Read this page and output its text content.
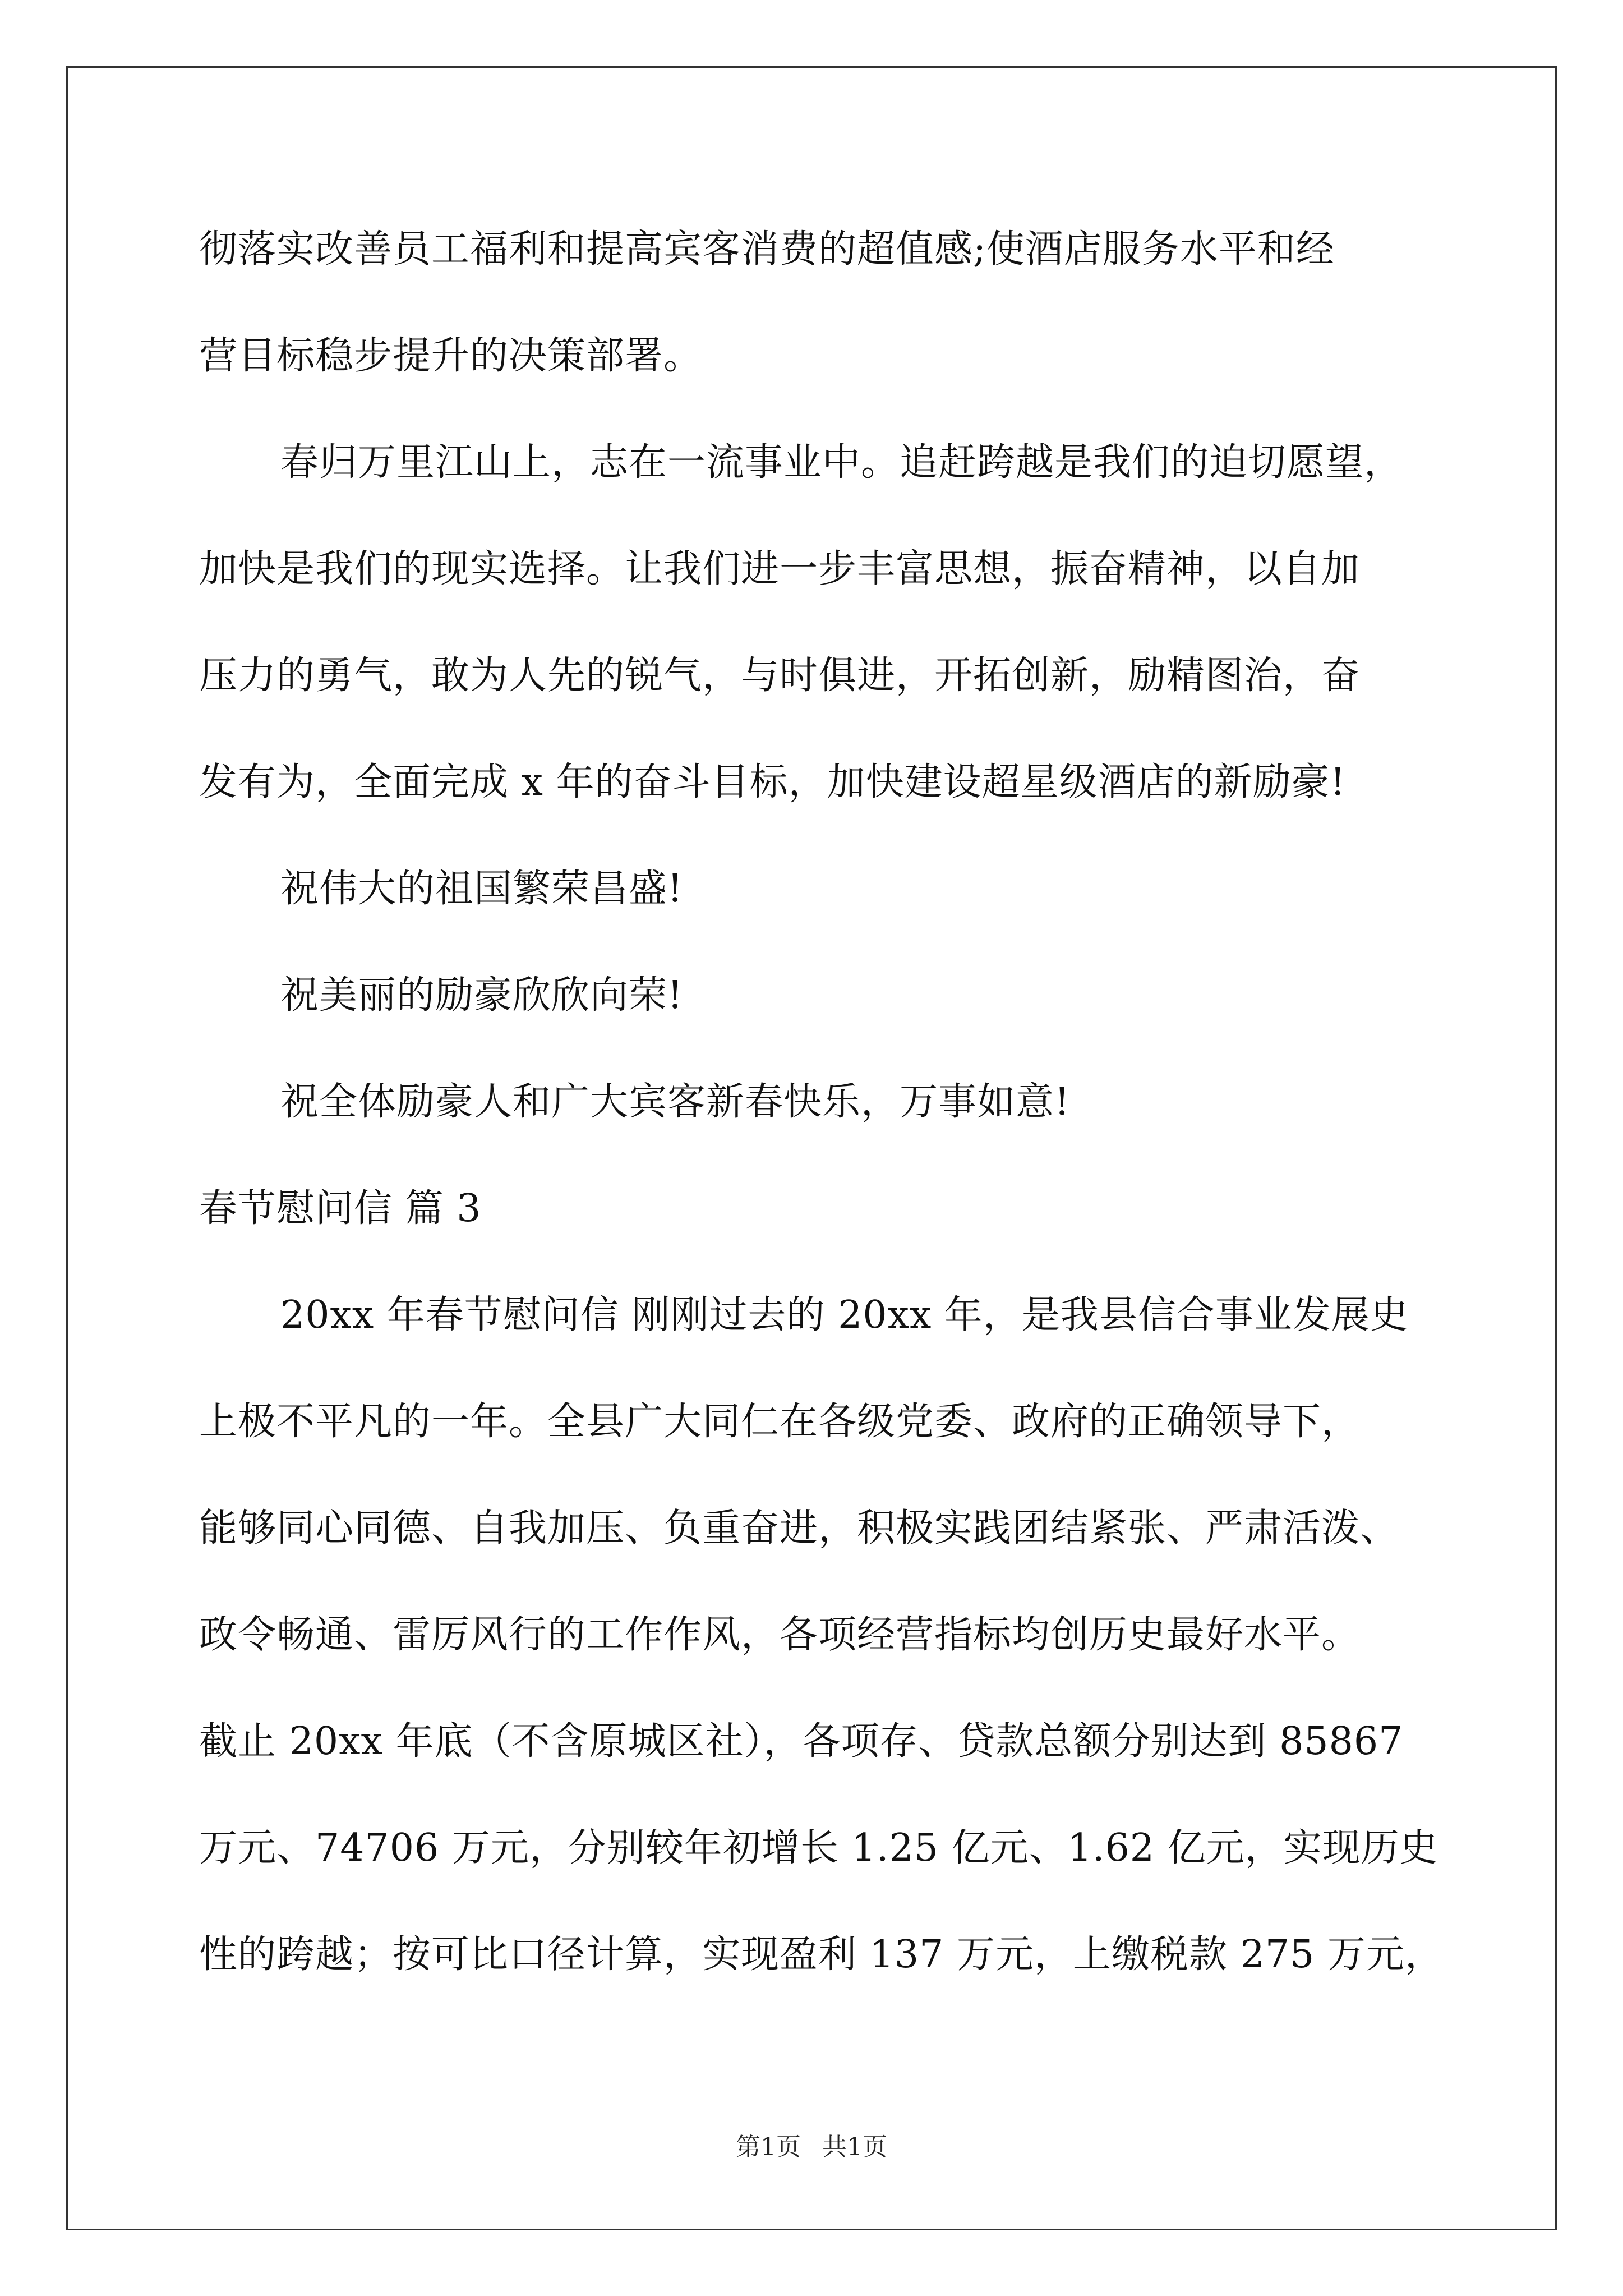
彻落实改善员工福利和提高宾客消费的超值感;使酒店服务水平和经

营目标稳步提升的决策部署。

春归万里江山上，志在一流事业中。追赶跨越是我们的迫切愿望，

加快是我们的现实选择。让我们进一步丰富思想，振奋精神，以自加

压力的勇气，敢为人先的锐气，与时俱进，开拓创新，励精图治，奋

发有为，全面完成 x 年的奋斗目标，加快建设超星级酒店的新励豪!

祝伟大的祖国繁荣昌盛!

祝美丽的励豪欣欣向荣!

祝全体励豪人和广大宾客新春快乐，万事如意!

春节慰问信 篇 3

20xx 年春节慰问信 刚刚过去的 20xx 年，是我县信合事业发展史

上极不平凡的一年。全县广大同仁在各级党委、政府的正确领导下，

能够同心同德、自我加压、负重奋进，积极实践团结紧张、严肃活泼、

政令畅通、雷厉风行的工作作风，各项经营指标均创历史最好水平。

截止 20xx 年底（不含原城区社），各项存、贷款总额分别达到 85867

万元、74706 万元，分别较年初增长 1.25 亿元、1.62 亿元，实现历史

性的跨越；按可比口径计算，实现盈利 137 万元，上缴税款 275 万元，

第1页 共1页
